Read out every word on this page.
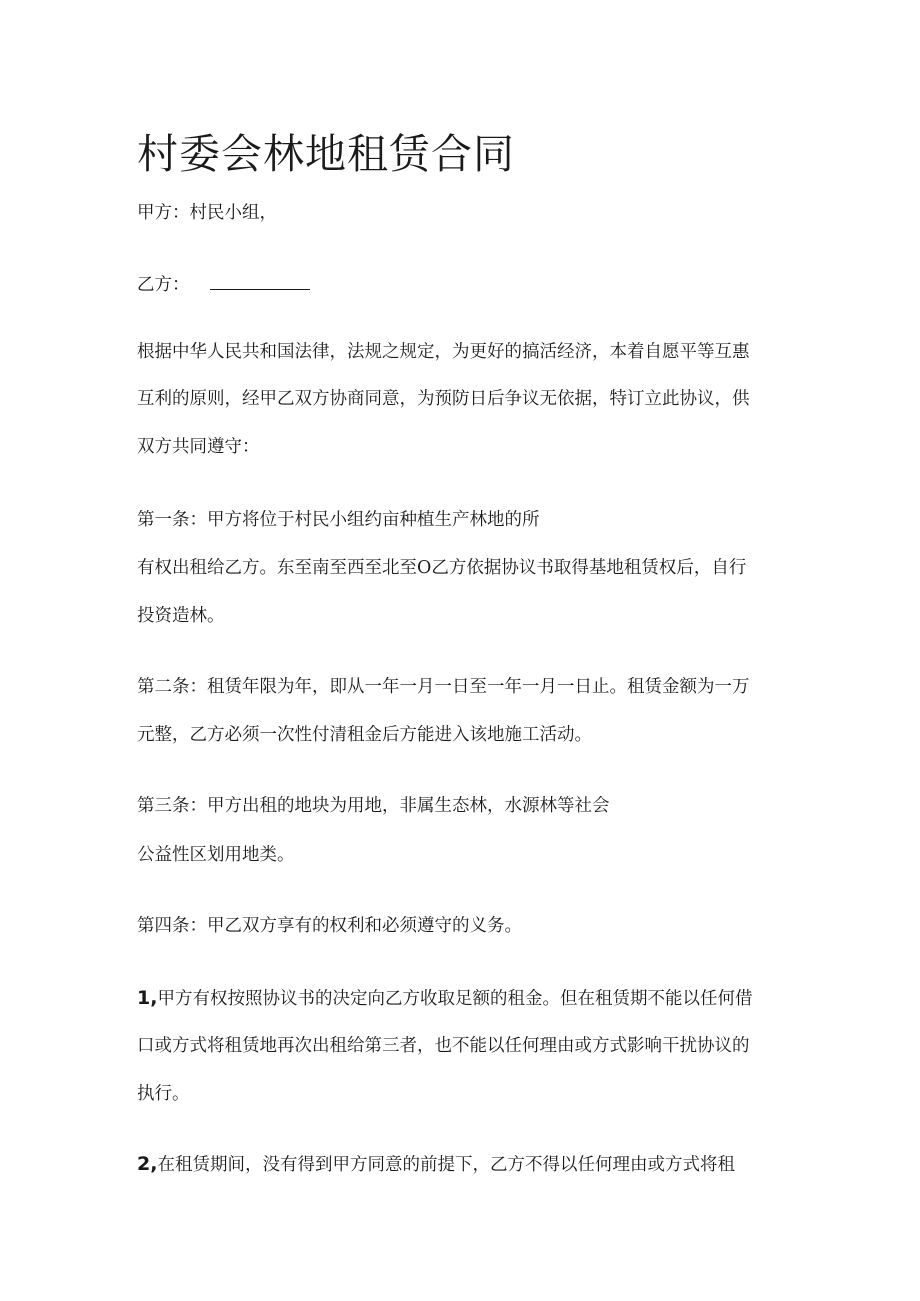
村委会林地租赁合同

甲方：村民小组，

乙方：

根据中华人民共和国法律，法规之规定，为更好的搞活经济，本着自愿平等互惠

互利的原则，经甲乙双方协商同意，为预防日后争议无依据，特订立此协议，供

双方共同遵守：

第一条：甲方将位于村民小组约亩种植生产林地的所

有权出租给乙方。东至南至西至北至O乙方依据协议书取得基地租赁权后，自行

投资造林。

第二条：租赁年限为年，即从一年一月一日至一年一月一日止。租赁金额为一万

元整，乙方必须一次性付清租金后方能进入该地施工活动。

第三条：甲方出租的地块为用地，非属生态林，水源林等社会

公益性区划用地类。

第四条：甲乙双方享有的权利和必须遵守的义务。

1,甲方有权按照协议书的决定向乙方收取足额的租金。但在租赁期不能以任何借

口或方式将租赁地再次出租给第三者，也不能以任何理由或方式影响干扰协议的

执行。

2,在租赁期间，没有得到甲方同意的前提下，乙方不得以任何理由或方式将租
